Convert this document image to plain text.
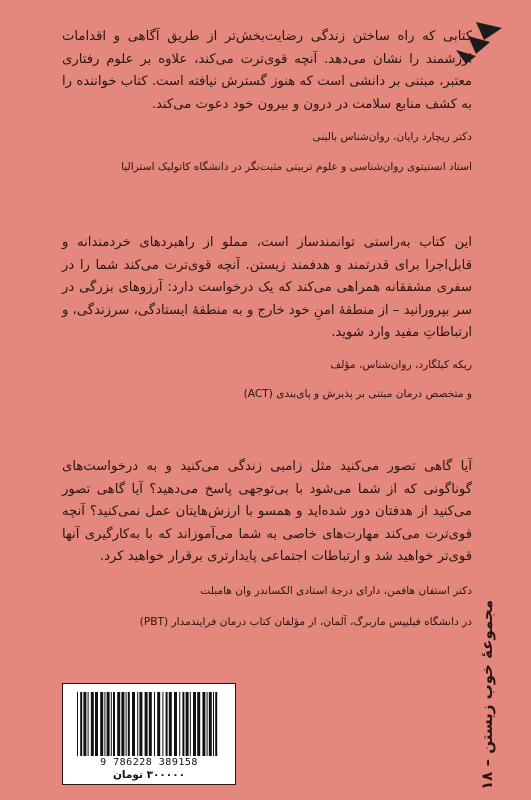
کتابی که راه ساختن زندگی رضایت‌بخش‌تر از طریق آگاهی و اقدامات ارزشمند را نشان می‌دهد. آنچه قوی‌ترت می‌کند، علاوه بر علوم رفتاری معتبر، مبتنی بر دانشی است که هنوز گسترش نیافته است. کتاب خواننده را به کشف منابع سلامت در درون و بیرون خود دعوت می‌کند.

دکتر ریچارد رایان، روان‌شناس بالینی

استاد انستیتوی روان‌شناسی و علوم تربیتی مثبت‌نگر در دانشگاه کاتولیک استرالیا

این کتاب به‌راستی توانمندساز است، مملو از راهبردهای خردمندانه و قابل‌اجرا برای قدرتمند و هدفمند زیستن. آنچه قوی‌ترت می‌کند شما را در سفری مشفقانه همراهی می‌کند که یک درخواست دارد: آرزوهای بزرگی در سر بپرورانید – از منطقهٔ امنِ خود خارج و به منطقهٔ ایستادگی، سرزندگی، و ارتباطاتِ مفید وارد شوید.

ریکه کیلگارد، روان‌شناس، مؤلف

و متخصص درمان مبتنی بر پذیرش و پای‌بندی (ACT)

آیا گاهی تصور می‌کنید مثل زامبی زندگی می‌کنید و به درخواست‌های گوناگونی که از شما می‌شود با بی‌توجهی پاسخ می‌دهید؟ آیا گاهی تصور می‌کنید از هدفتان دور شده‌اید و همسو با ارزش‌هایتان عمل نمی‌کنید؟ آنچه قوی‌ترت می‌کند مهارت‌های خاصی به شما می‌آموزاند که با به‌کارگیری آنها قوی‌تر خواهید شد و ارتباطات اجتماعی پایدارتری برقرار خواهید کرد.

دکتر استفان هافمن، دارای درجهٔ استادی الکساندر وان هامبلت

در دانشگاه فیلیپس ماربرگ، آلمان، از مؤلفان کتاب درمان فرایندمدار (PBT)

مجموعهٔ خوب زیستن – ۱۸
9 786228 389158
۳۰۰۰۰۰ تومان
